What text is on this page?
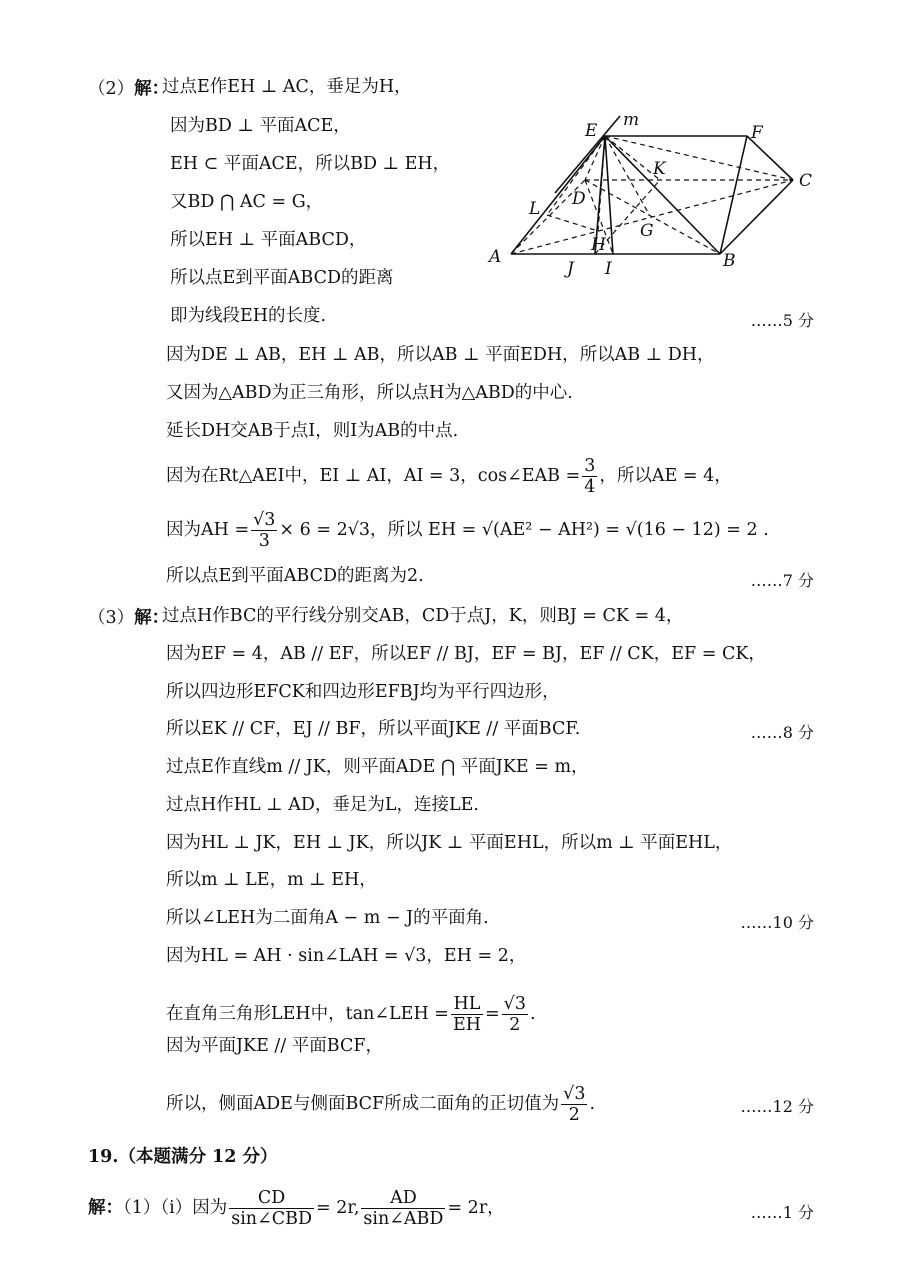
（2）解：
过点E作EH ⊥ AC，垂足为H，
因为BD ⊥ 平面ACE，
EH ⊂ 平面ACE，所以BD ⊥ EH，
又BD ⋂ AC = G，
所以EH ⊥ 平面ABCD，
所以点E到平面ABCD的距离
即为线段EH的长度.	……5 分
因为DE ⊥ AB，EH ⊥ AB，所以AB ⊥ 平面EDH，所以AB ⊥ DH，
又因为△ABD为正三角形，所以点H为△ABD的中心.
延长DH交AB于点I，则I为AB的中点.
因为在Rt△AEI中，EI ⊥ AI，AI = 3，cos∠EAB = $\frac{3}{4}$ ，所以AE = 4，
因为AH = $\frac{√3}{3} \times 6 = 2√3$，所以 EH = √(AE² − AH²) = √(16 − 12) = 2 .
所以点E到平面ABCD的距离为2.	……7 分
E
m
F
K
C
D
L
G
H
A
J I	B
（3）解：
过点H作BC的平行线分别交AB，CD于点J，K，则BJ = CK = 4，
因为EF = 4，AB // EF，所以EF // BJ，EF = BJ，EF // CK，EF = CK，
所以四边形EFCK和四边形EFBJ均为平行四边形，
所以EK // CF，EJ // BF，所以平面JKE // 平面BCF.	……8 分
过点E作直线m // JK，则平面ADE ⋂ 平面JKE = m，
过点H作HL ⊥ AD，垂足为L，连接LE.
因为HL ⊥ JK，EH ⊥ JK，所以JK ⊥ 平面EHL，所以m ⊥ 平面EHL，
所以m ⊥ LE，m ⊥ EH，
所以∠LEH为二面角A − m − J的平面角.	……10 分
因为HL = AH · sin∠LAH = √3，EH = 2，
在直角三角形LEH中，tan∠LEH = $\frac{HL}{EH} = \frac{√3}{2}$ .
因为平面JKE // 平面BCF，
所以，侧面ADE与侧面BCF所成二面角的正切值为 $\frac{√3}{2}$ .	……12 分
19.（本题满分 12 分）
解：（1）（ⅰ）因为 $\frac{CD}{\text{sin∠CBD}} = 2r$, $\frac{AD}{\text{sin∠ABD}} = 2r$，	……1 分
